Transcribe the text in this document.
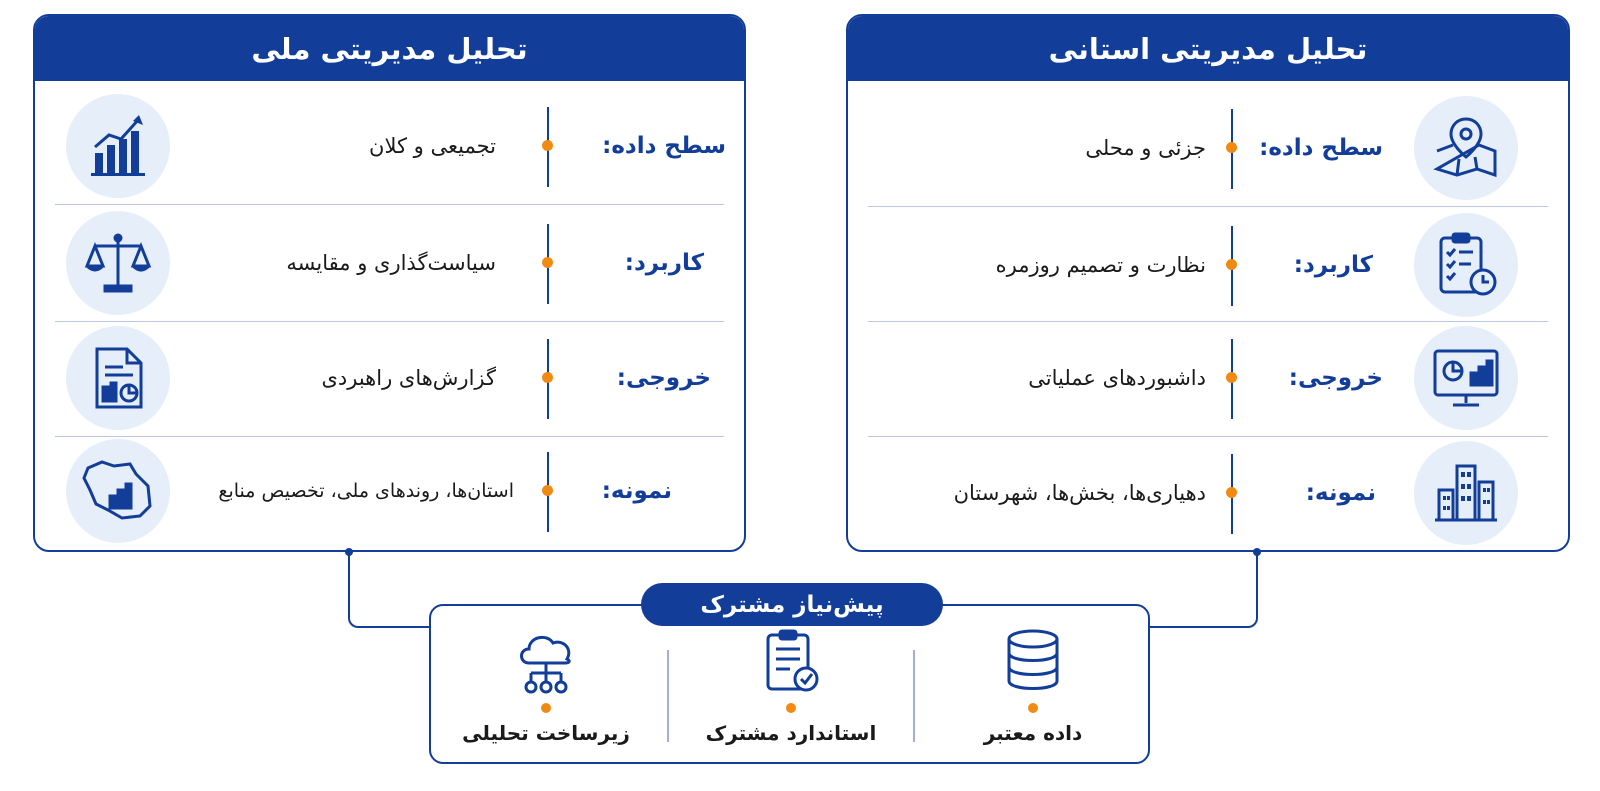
تحلیل مدیریتی ملی
سطح داده:
تجمیعی و کلان
کاربرد:
سیاست‌گذاری و مقایسه
خروجی:
گزارش‌های راهبردی
نمونه:
استان‌ها، روندهای ملی، تخصیص منابع
تحلیل مدیریتی استانی
سطح داده:
جزئی و محلی
کاربرد:
نظارت و تصمیم روزمره
خروجی:
داشبوردهای عملیاتی
نمونه:
دهیاری‌ها، بخش‌ها، شهرستان
پیش‌نیاز مشترک
زیرساخت تحلیلی	استاندارد مشترک	داده معتبر
